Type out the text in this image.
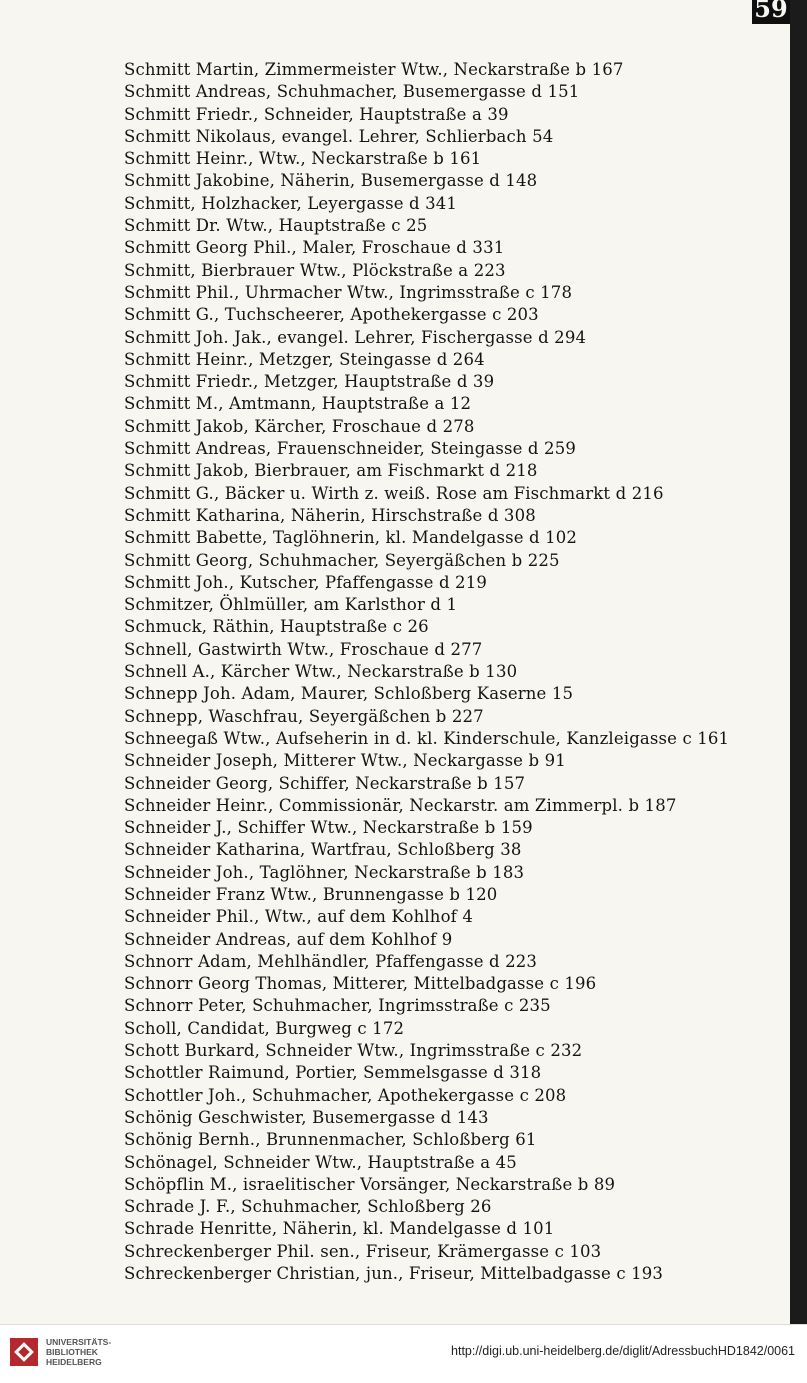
Schmitt Martin, Zimmermeister Wtw., Neckarstraße b 167
Schmitt Andreas, Schuhmacher, Busemergasse d 151
Schmitt Friedr., Schneider, Hauptstraße a 39
Schmitt Nikolaus, evangel. Lehrer, Schlierbach 54
Schmitt Heinr., Wtw., Neckarstraße b 161
Schmitt Jakobine, Näherin, Busemergasse d 148
Schmitt, Holzhacker, Leyergasse d 341
Schmitt Dr. Wtw., Hauptstraße c 25
Schmitt Georg Phil., Maler, Froschaue d 331
Schmitt, Bierbrauer Wtw., Plöckstraße a 223
Schmitt Phil., Uhrmacher Wtw., Ingrimsstraße c 178
Schmitt G., Tuchscheerer, Apothekergasse c 203
Schmitt Joh. Jak., evangel. Lehrer, Fischergasse d 294
Schmitt Heinr., Metzger, Steingasse d 264
Schmitt Friedr., Metzger, Hauptstraße d 39
Schmitt M., Amtmann, Hauptstraße a 12
Schmitt Jakob, Kärcher, Froschaue d 278
Schmitt Andreas, Frauenschneider, Steingasse d 259
Schmitt Jakob, Bierbrauer, am Fischmarkt d 218
Schmitt G., Bäcker u. Wirth z. weiß. Rose am Fischmarkt d 216
Schmitt Katharina, Näherin, Hirschstraße d 308
Schmitt Babette, Taglöhnerin, kl. Mandelgasse d 102
Schmitt Georg, Schuhmacher, Seyergäßchen b 225
Schmitt Joh., Kutscher, Pfaffengasse d 219
Schmitzer, Öhlmüller, am Karlsthor d 1
Schmuck, Räthin, Hauptstraße c 26
Schnell, Gastwirth Wtw., Froschaue d 277
Schnell A., Kärcher Wtw., Neckarstraße b 130
Schnepp Joh. Adam, Maurer, Schloßberg Kaserne 15
Schnepp, Waschfrau, Seyergäßchen b 227
Schneegaß Wtw., Aufseherin in d. kl. Kinderschule, Kanzleigasse c 161
Schneider Joseph, Mitterer Wtw., Neckargasse b 91
Schneider Georg, Schiffer, Neckarstraße b 157
Schneider Heinr., Commissionär, Neckarstr. am Zimmerpl. b 187
Schneider J., Schiffer Wtw., Neckarstraße b 159
Schneider Katharina, Wartfrau, Schloßberg 38
Schneider Joh., Taglöhner, Neckarstraße b 183
Schneider Franz Wtw., Brunnengasse b 120
Schneider Phil., Wtw., auf dem Kohlhof 4
Schneider Andreas, auf dem Kohlhof 9
Schnorr Adam, Mehlhändler, Pfaffengasse d 223
Schnorr Georg Thomas, Mitterer, Mittelbadgasse c 196
Schnorr Peter, Schuhmacher, Ingrimsstraße c 235
Scholl, Candidat, Burgweg c 172
Schott Burkard, Schneider Wtw., Ingrimsstraße c 232
Schottler Raimund, Portier, Semmelsgasse d 318
Schottler Joh., Schuhmacher, Apothekergasse c 208
Schönig Geschwister, Busemergasse d 143
Schönig Bernh., Brunnenmacher, Schloßberg 61
Schönagel, Schneider Wtw., Hauptstraße a 45
Schöpflin M., israelitischer Vorsänger, Neckarstraße b 89
Schrade J. F., Schuhmacher, Schloßberg 26
Schrade Henritte, Näherin, kl. Mandelgasse d 101
Schreckenberger Phil. sen., Friseur, Krämergasse c 103
Schreckenberger Christian, jun., Friseur, Mittelbadgasse c 193
59
UNIVERSITÄTS-
BIBLIOTHEK
HEIDELBERG
http://digi.ub.uni-heidelberg.de/diglit/AdressbuchHD1842/0061
